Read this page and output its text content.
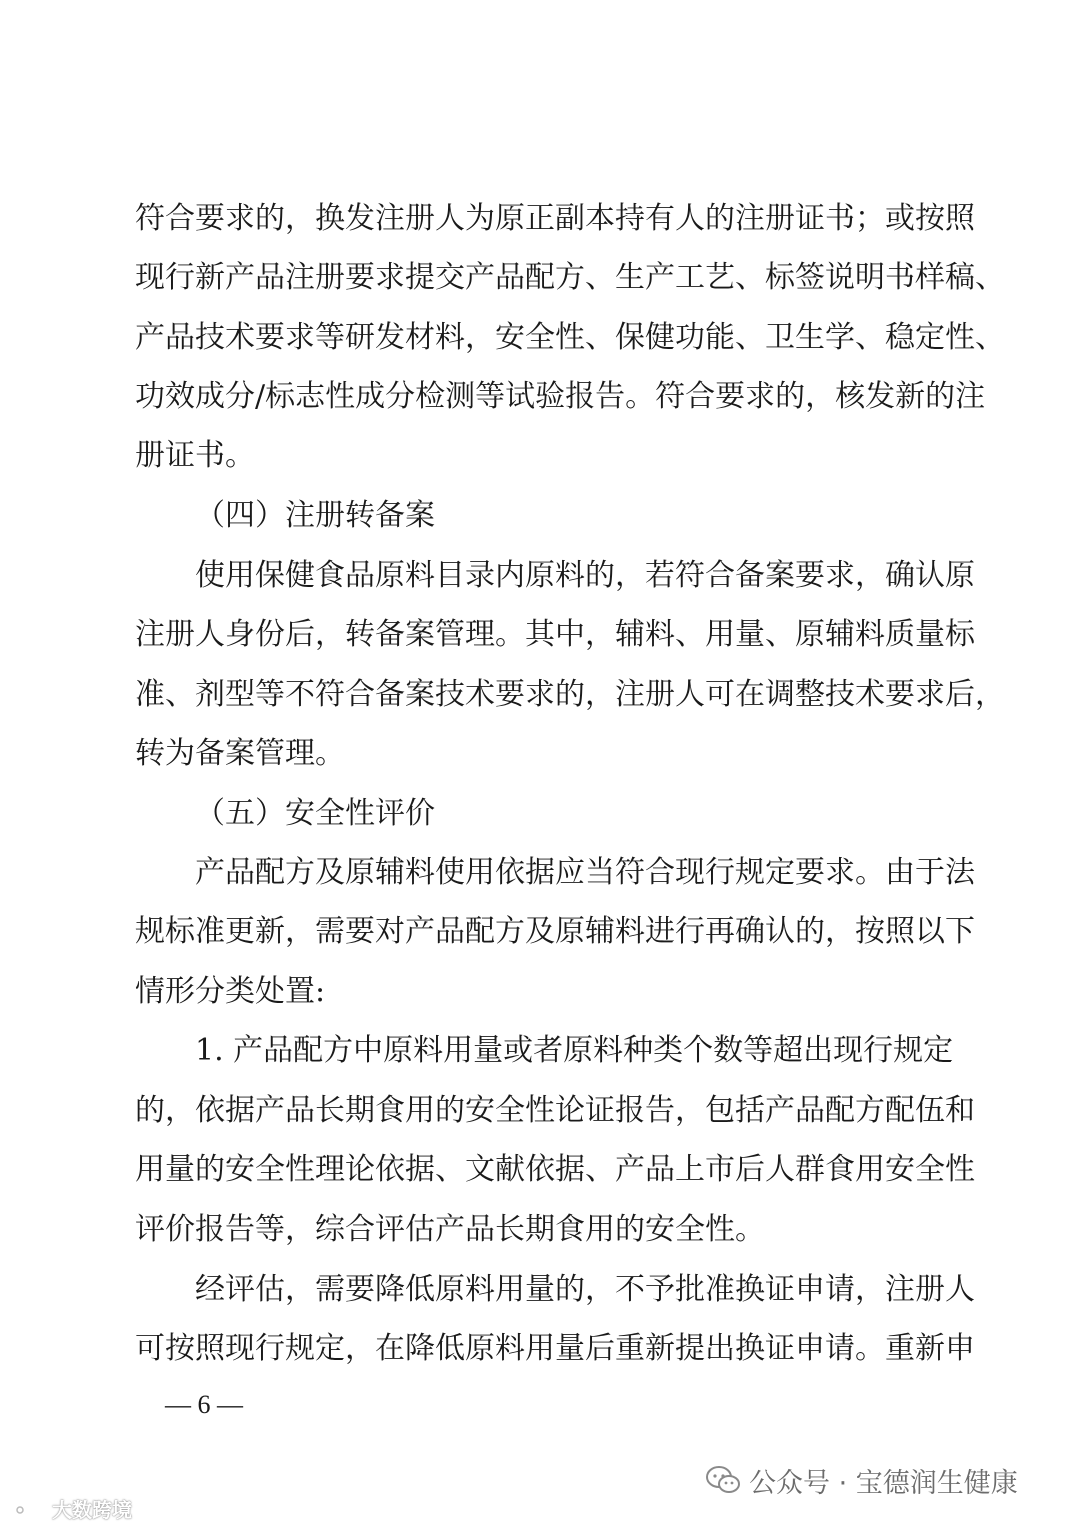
符合要求的，换发注册人为原正副本持有人的注册证书；或按照
现行新产品注册要求提交产品配方、生产工艺、标签说明书样稿、
产品技术要求等研发材料，安全性、保健功能、卫生学、稳定性、
功效成分/标志性成分检测等试验报告。符合要求的，核发新的注
册证书。
（四）注册转备案
使用保健食品原料目录内原料的，若符合备案要求，确认原
注册人身份后，转备案管理。其中，辅料、用量、原辅料质量标
准、剂型等不符合备案技术要求的，注册人可在调整技术要求后，
转为备案管理。
（五）安全性评价
产品配方及原辅料使用依据应当符合现行规定要求。由于法
规标准更新，需要对产品配方及原辅料进行再确认的，按照以下
情形分类处置:
1. 产品配方中原料用量或者原料种类个数等超出现行规定
的，依据产品长期食用的安全性论证报告，包括产品配方配伍和
用量的安全性理论依据、文献依据、产品上市后人群食用安全性
评价报告等，综合评估产品长期食用的安全性。
经评估，需要降低原料用量的，不予批准换证申请，注册人
可按照现行规定，在降低原料用量后重新提出换证申请。重新申
— 6 —
公众号 · 宝德润生健康
大数跨境
